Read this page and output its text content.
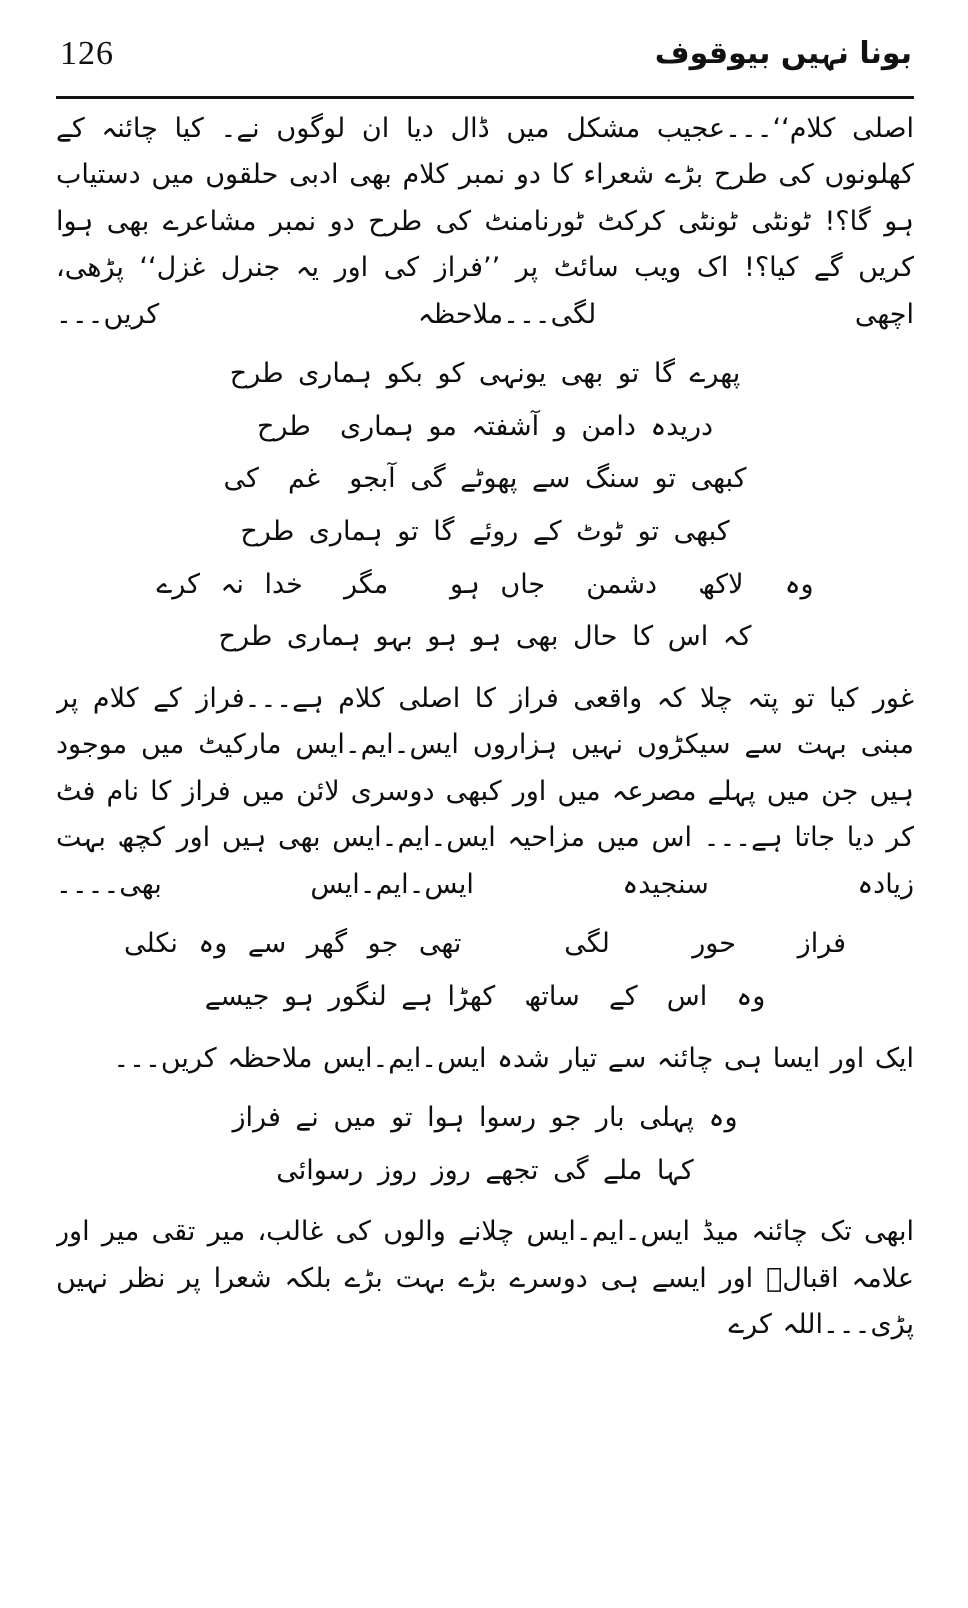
بونا نہیں بیوقوف
126

اصلی کلام‘‘۔۔۔عجیب مشکل میں ڈال دیا ان لوگوں نے۔ کیا چائنہ کے کھلونوں کی طرح بڑے شعراء کا دو نمبر کلام بھی ادبی حلقوں میں دستیاب ہو گا؟! ٹونٹی ٹونٹی کرکٹ ٹورنامنٹ کی طرح دو نمبر مشاعرے بھی ہوا کریں گے کیا؟! اک ویب سائٹ پر ’’فراز کی اور یہ جنرل غزل‘‘ پڑھی، اچھی لگی۔۔۔ملاحظہ کریں۔۔۔

پھرے گا تو بھی یونہی کو بکو ہماری طرح
دریدہ دامن و آشفتہ مو ہماری  طرح
کبھی تو سنگ سے پھوٹے گی آبجو  غم  کی
کبھی تو ٹوٹ کے روئے گا تو ہماری طرح
وہ  لاکھ  دشمن  جاں ہو   مگر  خدا نہ کرے
کہ اس کا حال بھی ہو ہو بہو ہماری طرح

غور کیا تو پتہ چلا کہ واقعی فراز کا اصلی کلام ہے۔۔۔فراز کے کلام پر مبنی بہت سے سیکڑوں نہیں ہزاروں ایس۔ایم۔ایس مارکیٹ میں موجود ہیں جن میں پہلے مصرعہ میں اور کبھی دوسری لائن میں فراز کا نام فٹ کر دیا جاتا ہے۔۔۔ اس میں مزاحیہ ایس۔ایم۔ایس بھی ہیں اور کچھ بہت زیادہ سنجیدہ ایس۔ایم۔ایس بھی۔۔۔۔

فراز   حور    لگی     تھی جو گھر سے وہ نکلی
وہ  اس  کے  ساتھ  کھڑا ہے لنگور ہو جیسے

ایک اور ایسا ہی چائنہ سے تیار شدہ ایس۔ایم۔ایس ملاحظہ کریں۔۔۔

وہ پہلی بار جو رسوا ہوا تو میں نے فراز
کہا ملے گی تجھے روز روز رسوائی

ابھی تک چائنہ میڈ ایس۔ایم۔ایس چلانے والوں کی غالب، میر تقی میر اور علامہ اقبالؒ اور ایسے ہی دوسرے بڑے بہت بڑے بلکہ شعرا پر نظر نہیں پڑی۔۔۔اللہ کرے
